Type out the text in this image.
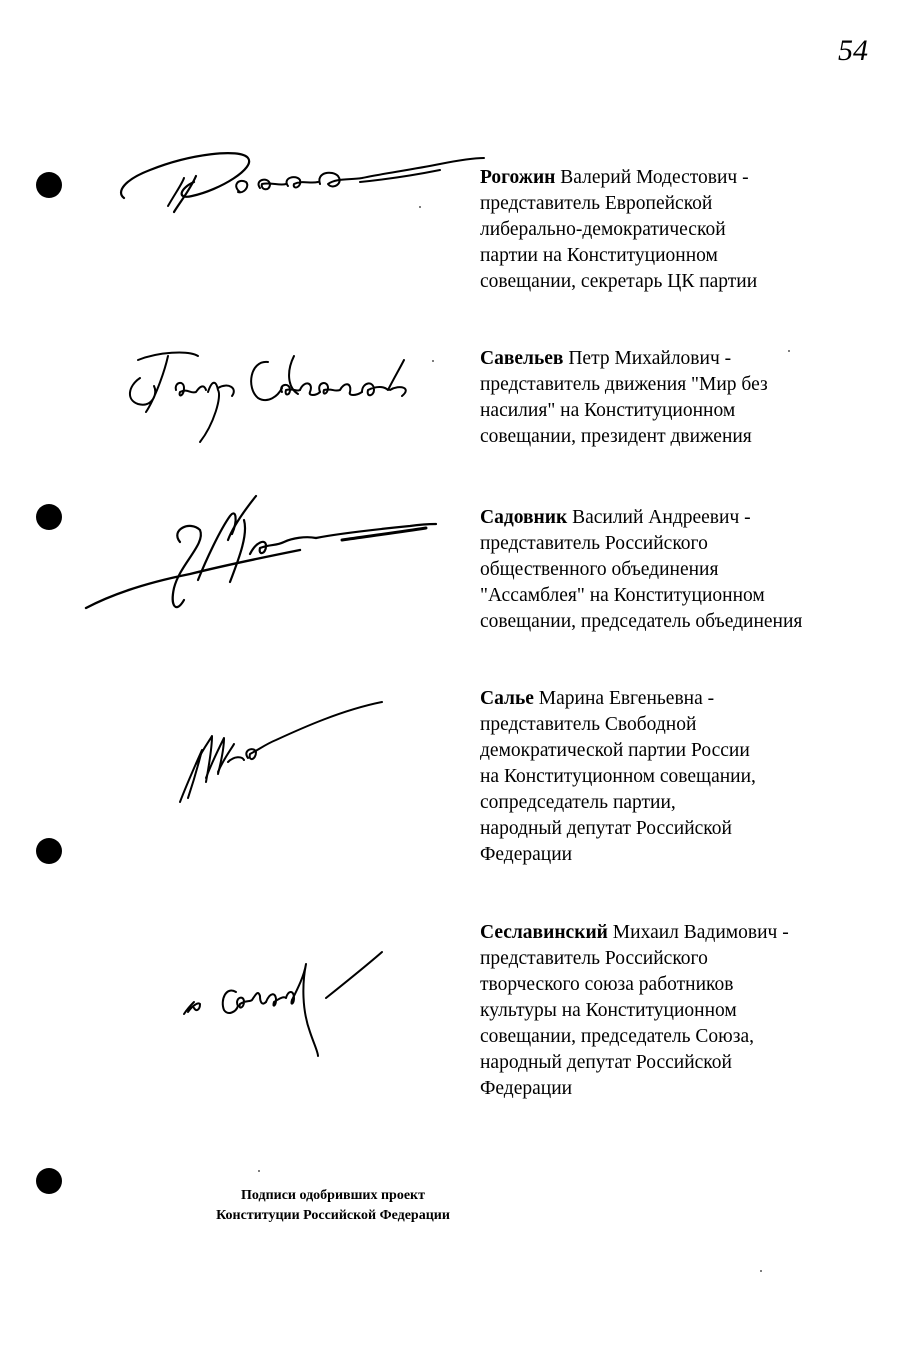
54
Рогожин Валерий Модестович -
представитель Европейской
либерально-демократической
партии на Конституционном
совещании, секретарь ЦК партии
Савельев Петр Михайлович -
представитель движения "Мир без
насилия" на Конституционном
совещании, президент движения
Садовник Василий Андреевич -
представитель Российского
общественного объединения
"Ассамблея" на Конституционном
совещании, председатель объединения
Салье Марина Евгеньевна -
представитель Свободной
демократической партии России
на Конституционном совещании,
сопредседатель партии,
народный депутат Российской
Федерации
Сеславинский Михаил Вадимович -
представитель Российского
творческого союза работников
культуры на Конституционном
совещании, председатель Союза,
народный депутат Российской
Федерации
Подписи одобривших проект
Конституции Российской Федерации
